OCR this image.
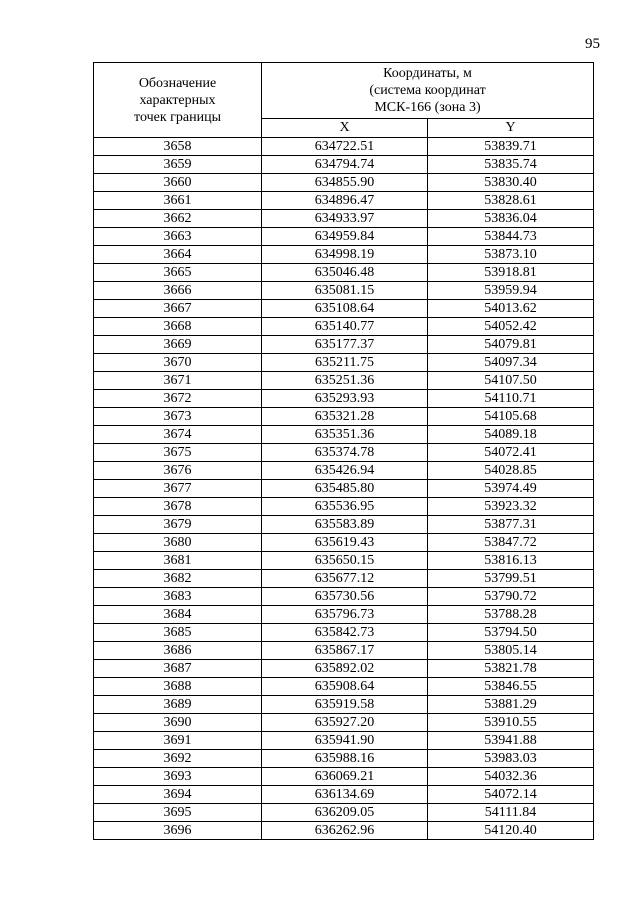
95
Обозначение
характерных
точек границы	Координаты, м
(система координат
МСК-166 (зона 3)	

	X	Y
3658	634722.51	53839.71
3659	634794.74	53835.74
3660	634855.90	53830.40
3661	634896.47	53828.61
3662	634933.97	53836.04
3663	634959.84	53844.73
3664	634998.19	53873.10
3665	635046.48	53918.81
3666	635081.15	53959.94
3667	635108.64	54013.62
3668	635140.77	54052.42
3669	635177.37	54079.81
3670	635211.75	54097.34
3671	635251.36	54107.50
3672	635293.93	54110.71
3673	635321.28	54105.68
3674	635351.36	54089.18
3675	635374.78	54072.41
3676	635426.94	54028.85
3677	635485.80	53974.49
3678	635536.95	53923.32
3679	635583.89	53877.31
3680	635619.43	53847.72
3681	635650.15	53816.13
3682	635677.12	53799.51
3683	635730.56	53790.72
3684	635796.73	53788.28
3685	635842.73	53794.50
3686	635867.17	53805.14
3687	635892.02	53821.78
3688	635908.64	53846.55
3689	635919.58	53881.29
3690	635927.20	53910.55
3691	635941.90	53941.88
3692	635988.16	53983.03
3693	636069.21	54032.36
3694	636134.69	54072.14
3695	636209.05	54111.84
3696	636262.96	54120.40
